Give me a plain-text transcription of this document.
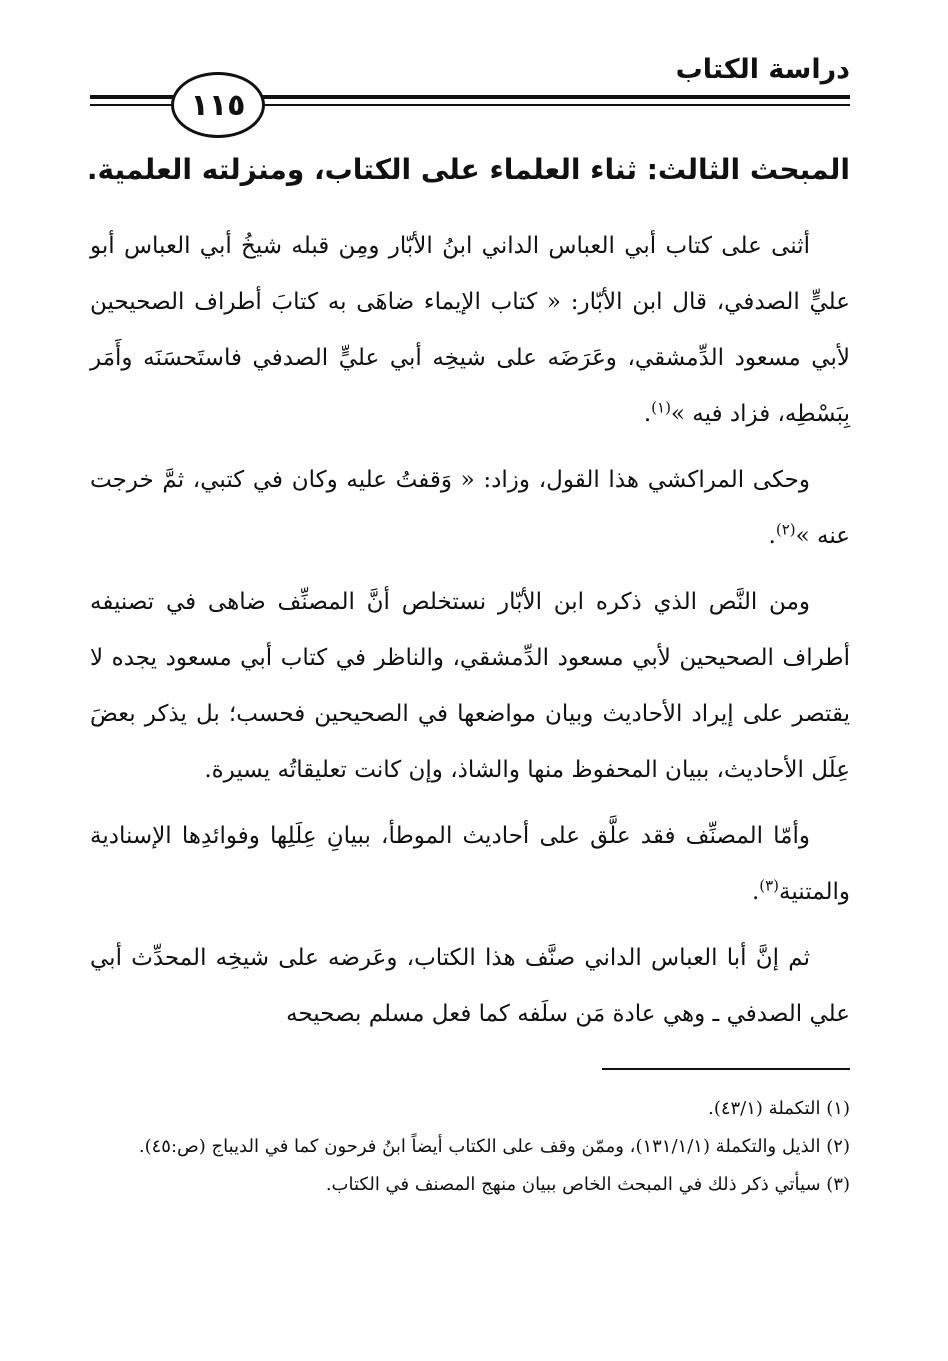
دراسة الكتاب
١١٥
المبحث الثالث: ثناء العلماء على الكتاب، ومنزلته العلمية.

أثنى على كتاب أبي العباس الداني ابنُ الأبّار ومِن قبله شيخُ أبي العباس أبو عليٍّ الصدفي، قال ابن الأبّار: « كتاب الإيماء ضاهَى به كتابَ أطراف الصحيحين لأبي مسعود الدِّمشقي، وعَرَضَه على شيخِه أبي عليٍّ الصدفي فاستَحسَنَه وأَمَر بِبَسْطِه، فزاد فيه »$^{(١)}$.

وحكى المراكشي هذا القول، وزاد: « وَقفتُ عليه وكان في كتبي، ثمَّ خرجت عنه »$^{(٢)}$.

ومن النَّص الذي ذكره ابن الأبّار نستخلص أنَّ المصنِّف ضاهى في تصنيفه أطراف الصحيحين لأبي مسعود الدِّمشقي، والناظر في كتاب أبي مسعود يجده لا يقتصر على إيراد الأحاديث وبيان مواضعها في الصحيحين فحسب؛ بل يذكر بعضَ عِلَل الأحاديث، ببيان المحفوظ منها والشاذ، وإن كانت تعليقاتُه يسيرة.

وأمّا المصنِّف فقد علَّق على أحاديث الموطأ، ببيانِ عِلَلِها وفوائدِها الإسنادية والمتنية$^{(٣)}$.

ثم إنَّ أبا العباس الداني صنَّف هذا الكتاب، وعَرضه على شيخِه المحدِّث أبي علي الصدفي ـ وهي عادة مَن سلَفه كما فعل مسلم بصحيحه

(١) التكملة (٤٣/١).
(٢) الذيل والتكملة (١٣١/١/١)، وممّن وقف على الكتاب أيضاً ابنُ فرحون كما في الديباج (ص:٤٥).
(٣) سيأتي ذكر ذلك في المبحث الخاص ببيان منهج المصنف في الكتاب.
